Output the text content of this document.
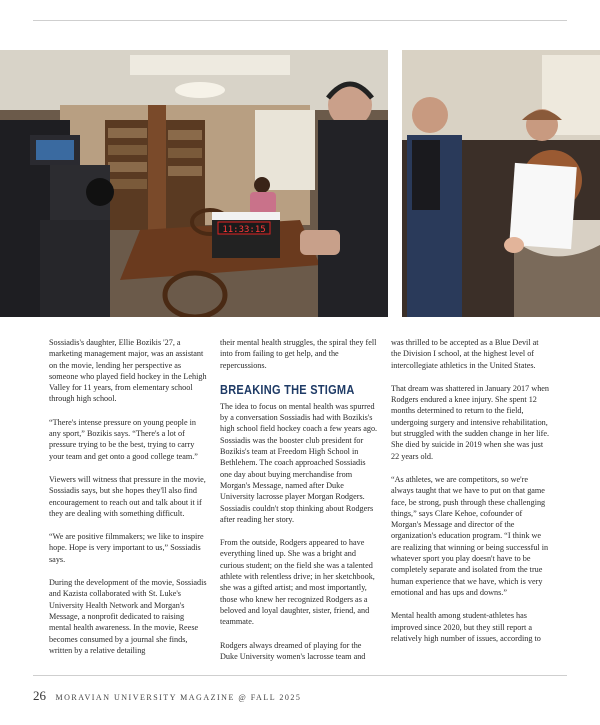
11:33:15

Sossiadis's daughter, Ellie Bozikis '27, a marketing management major, was an assistant on the movie, lending her perspective as someone who played field hockey in the Lehigh Valley for 11 years, from elementary school through high school.

“There's intense pressure on young people in any sport,” Bozikis says. “There's a lot of pressure trying to be the best, trying to carry your team and get onto a good college team.”

Viewers will witness that pressure in the movie, Sossiadis says, but she hopes they'll also find encouragement to reach out and talk about it if they are dealing with something difficult.

“We are positive filmmakers; we like to inspire hope. Hope is very important to us,” Sossiadis says.

During the development of the movie, Sossiadis and Kazista collaborated with St. Luke's University Health Network and Morgan's Message, a nonprofit dedicated to raising mental health awareness. In the movie, Reese becomes consumed by a journal she finds, written by a relative detailing

their mental health struggles, the spiral they fell into from failing to get help, and the repercussions.

BREAKING THE STIGMA

The idea to focus on mental health was spurred by a conversation Sossiadis had with Bozikis's high school field hockey coach a few years ago. Sossiadis was the booster club president for Bozikis's team at Freedom High School in Bethlehem. The coach approached Sossiadis one day about buying merchandise from Morgan's Message, named after Duke University lacrosse player Morgan Rodgers. Sossiadis couldn't stop thinking about Rodgers after reading her story.

From the outside, Rodgers appeared to have everything lined up. She was a bright and curious student; on the field she was a talented athlete with relentless drive; in her sketchbook, she was a gifted artist; and most importantly, those who knew her recognized Rodgers as a beloved and loyal daughter, sister, friend, and teammate.

Rodgers always dreamed of playing for the Duke University women's lacrosse team and

was thrilled to be accepted as a Blue Devil at the Division I school, at the highest level of intercollegiate athletics in the United States.

That dream was shattered in January 2017 when Rodgers endured a knee injury. She spent 12 months determined to return to the field, undergoing surgery and intensive rehabilitation, but struggled with the sudden change in her life. She died by suicide in 2019 when she was just 22 years old.

“As athletes, we are competitors, so we're always taught that we have to put on that game face, be strong, push through these challenging things,” says Clare Kehoe, cofounder of Morgan's Message and director of the organization's education program. “I think we are realizing that winning or being successful in whatever sport you play doesn't have to be completely separate and isolated from the true human experience that we have, which is very emotional and has ups and downs.”

Mental health among student-athletes has improved since 2020, but they still report a relatively high number of issues, according to

26 MORAVIAN UNIVERSITY MAGAZINE @ FALL 2025
